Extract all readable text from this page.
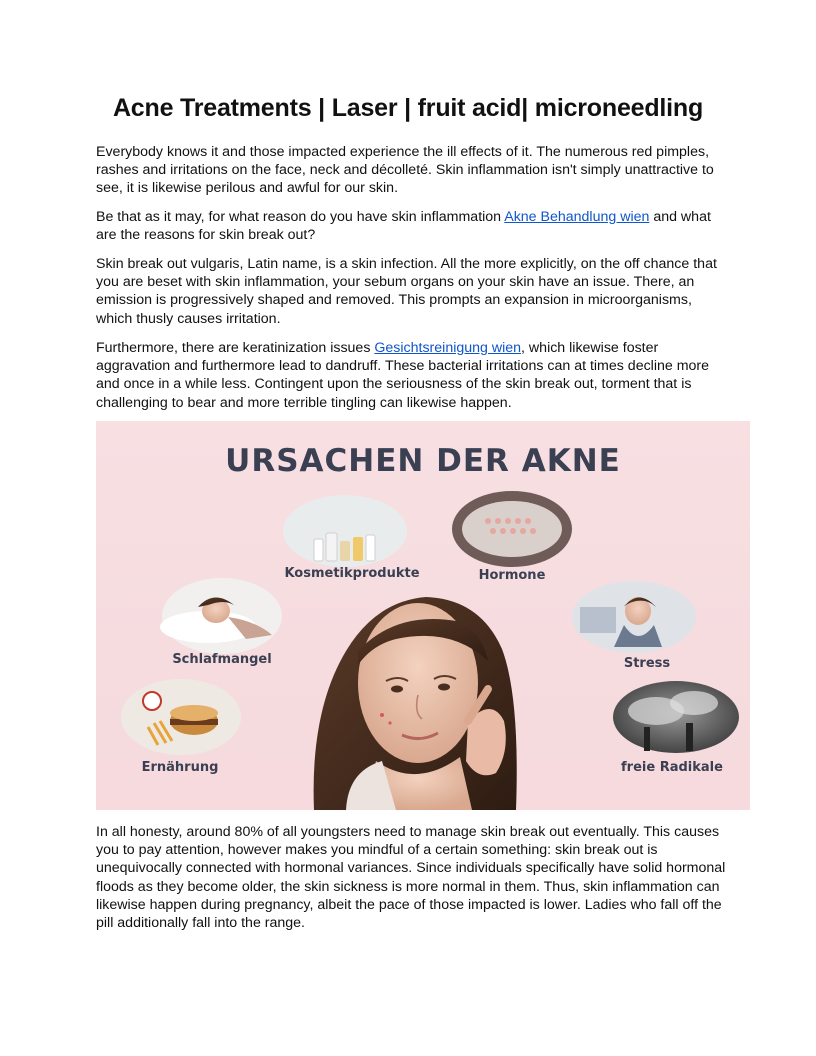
Acne Treatments | Laser | fruit acid| microneedling

Everybody knows it and those impacted experience the ill effects of it. The numerous red pimples, rashes and irritations on the face, neck and décolleté. Skin inflammation isn't simply unattractive to see, it is likewise perilous and awful for our skin.

Be that as it may, for what reason do you have skin inflammation Akne Behandlung wien and what are the reasons for skin break out?

Skin break out vulgaris, Latin name, is a skin infection. All the more explicitly, on the off chance that you are beset with skin inflammation, your sebum organs on your skin have an issue. There, an emission is progressively shaped and removed. This prompts an expansion in microorganisms, which thusly causes irritation.

Furthermore, there are keratinization issues Gesichtsreinigung wien, which likewise foster aggravation and furthermore lead to dandruff. These bacterial irritations can at times decline more and once in a while less. Contingent upon the seriousness of the skin break out, torment that is challenging to bear and more terrible tingling can likewise happen.

URSACHEN DER AKNE
Kosmetikprodukte	Hormone
Schlafmangel	Stress
Ernährung	freie Radikale

In all honesty, around 80% of all youngsters need to manage skin break out eventually. This causes you to pay attention, however makes you mindful of a certain something: skin break out is unequivocally connected with hormonal variances. Since individuals specifically have solid hormonal floods as they become older, the skin sickness is more normal in them. Thus, skin inflammation can likewise happen during pregnancy, albeit the pace of those impacted is lower. Ladies who fall off the pill additionally fall into the range.
